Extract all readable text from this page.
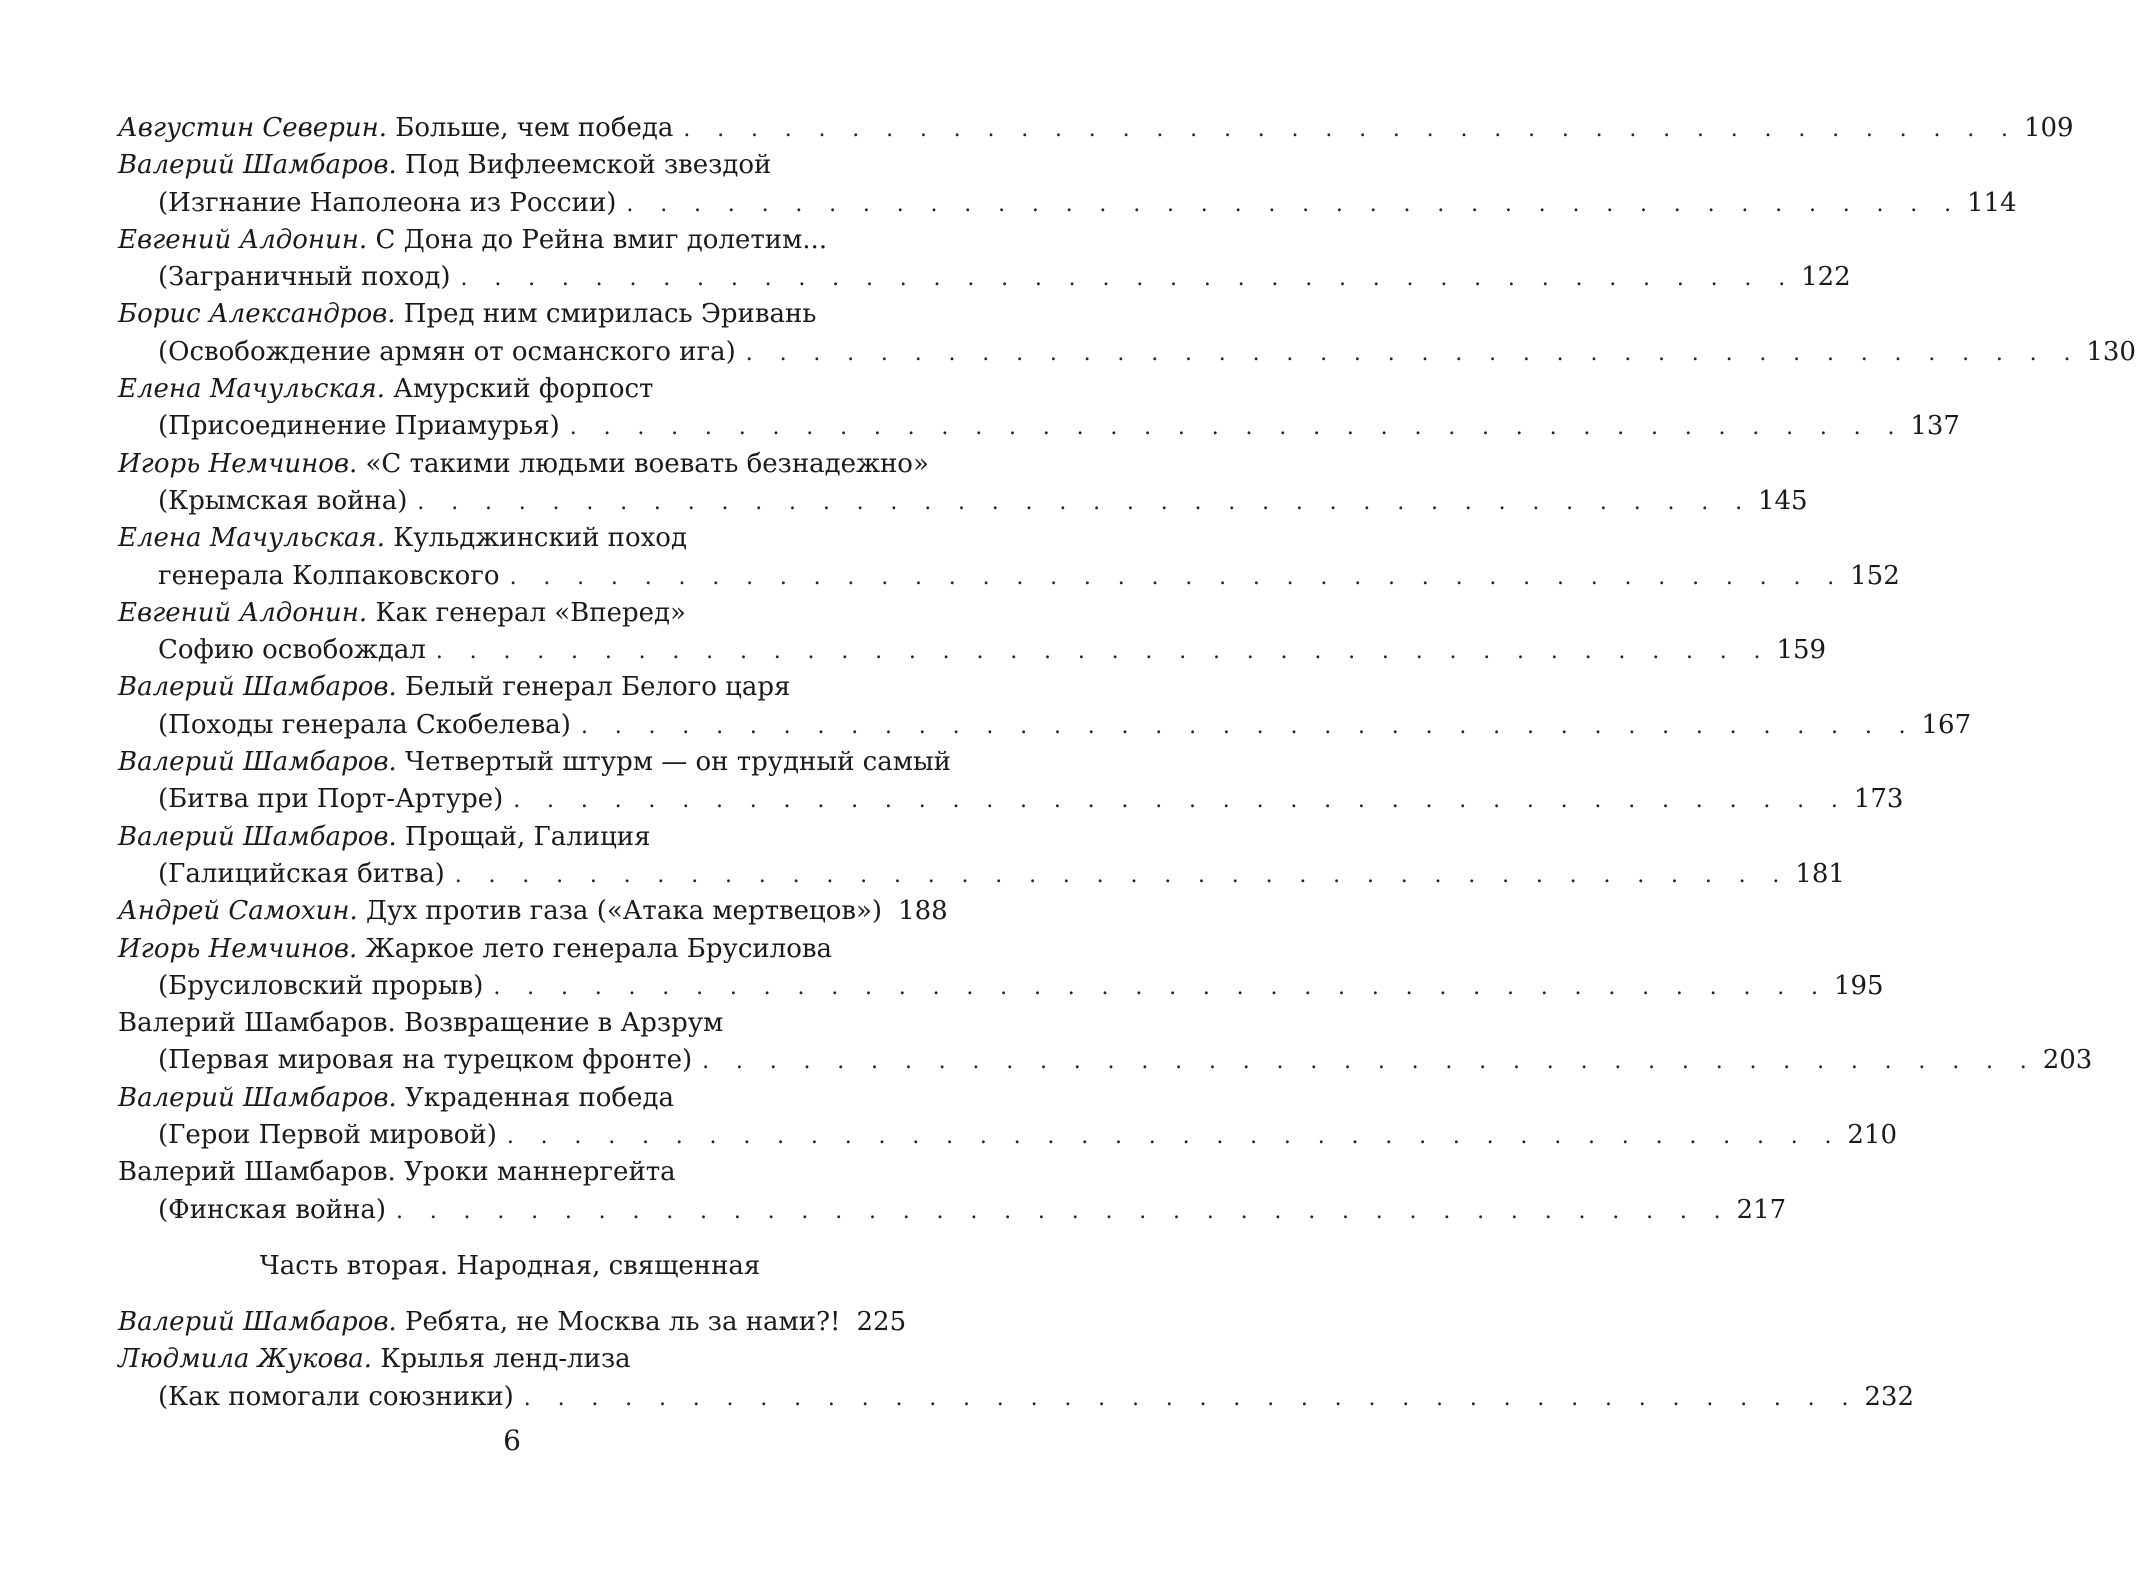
Августин Северин. Больше, чем победа . . . . . . . . . . . . . . . . . . . . . . . . . . . . . . . . . . . . . . . . 109
Валерий Шамбаров. Под Вифлеемской звездой
(Изгнание Наполеона из России) . . . . . . . . . . . . . . . . . . . . . . . . . . . . . . . . . . . . . . . . 114
Евгений Алдонин. С Дона до Рейна вмиг долетим...
(Заграничный поход) . . . . . . . . . . . . . . . . . . . . . . . . . . . . . . . . . . . . . . . . 122
Борис Александров. Пред ним смирилась Эривань
(Освобождение армян от османского ига) . . . . . . . . . . . . . . . . . . . . . . . . . . . . . . . . . . . . . . . . 130
Елена Мачульская. Амурский форпост
(Присоединение Приамурья) . . . . . . . . . . . . . . . . . . . . . . . . . . . . . . . . . . . . . . . . 137
Игорь Немчинов. «С такими людьми воевать безнадежно»
(Крымская война) . . . . . . . . . . . . . . . . . . . . . . . . . . . . . . . . . . . . . . . . 145
Елена Мачульская. Кульджинский поход
генерала Колпаковского . . . . . . . . . . . . . . . . . . . . . . . . . . . . . . . . . . . . . . . . 152
Евгений Алдонин. Как генерал «Вперед»
Софию освобождал . . . . . . . . . . . . . . . . . . . . . . . . . . . . . . . . . . . . . . . . 159
Валерий Шамбаров. Белый генерал Белого царя
(Походы генерала Скобелева) . . . . . . . . . . . . . . . . . . . . . . . . . . . . . . . . . . . . . . . . 167
Валерий Шамбаров. Четвертый штурм — он трудный самый
(Битва при Порт-Артуре) . . . . . . . . . . . . . . . . . . . . . . . . . . . . . . . . . . . . . . . . 173
Валерий Шамбаров. Прощай, Галиция
(Галицийская битва) . . . . . . . . . . . . . . . . . . . . . . . . . . . . . . . . . . . . . . . . 181
Андрей Самохин. Дух против газа («Атака мертвецов») 188
Игорь Немчинов. Жаркое лето генерала Брусилова
(Брусиловский прорыв) . . . . . . . . . . . . . . . . . . . . . . . . . . . . . . . . . . . . . . . . 195
Валерий Шамбаров. Возвращение в Арзрум
(Первая мировая на турецком фронте) . . . . . . . . . . . . . . . . . . . . . . . . . . . . . . . . . . . . . . . . 203
Валерий Шамбаров. Украденная победа
(Герои Первой мировой) . . . . . . . . . . . . . . . . . . . . . . . . . . . . . . . . . . . . . . . . 210
Валерий Шамбаров. Уроки маннергейта
(Финская война) . . . . . . . . . . . . . . . . . . . . . . . . . . . . . . . . . . . . . . . . 217
Часть вторая. Народная, священная
Валерий Шамбаров. Ребята, не Москва ль за нами?! 225
Людмила Жукова. Крылья ленд-лиза
(Как помогали союзники) . . . . . . . . . . . . . . . . . . . . . . . . . . . . . . . . . . . . . . . . 232
6
